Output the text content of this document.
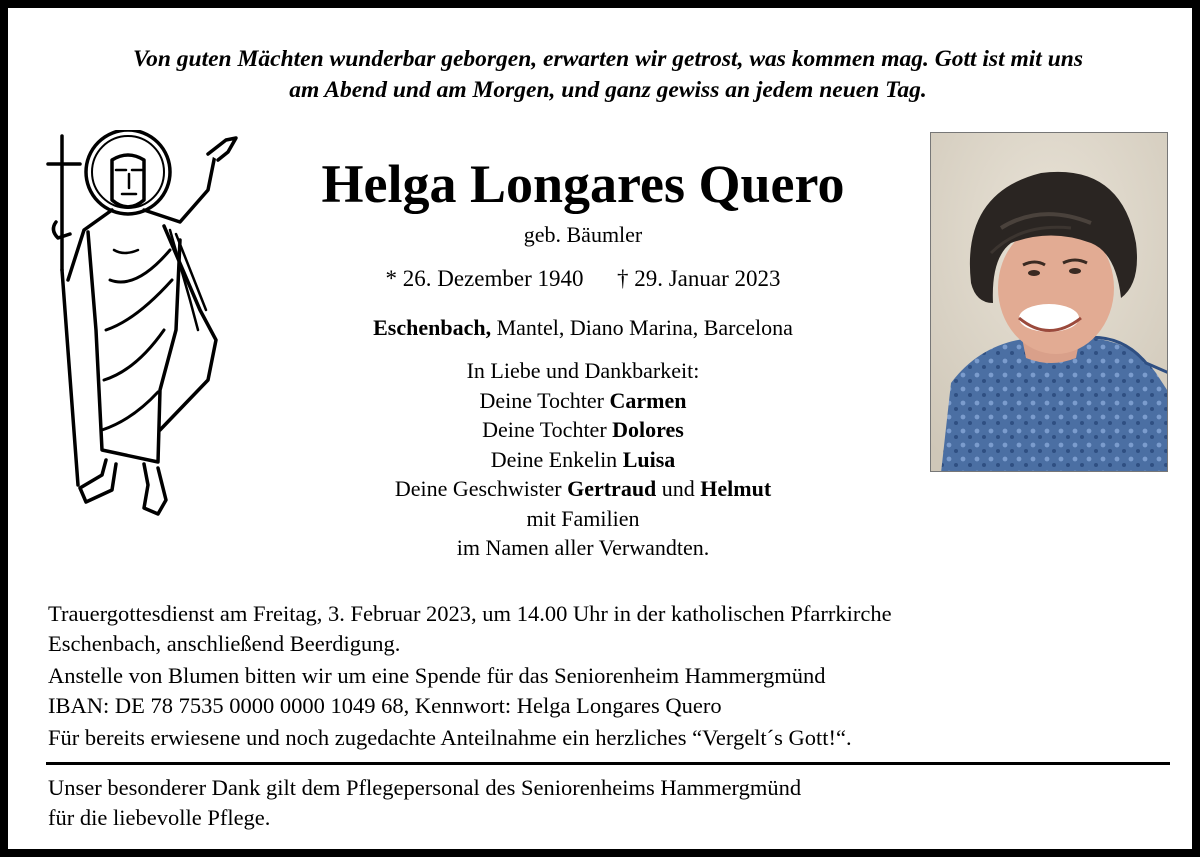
Von guten Mächten wunderbar geborgen, erwarten wir getrost, was kommen mag. Gott ist mit uns
am Abend und am Morgen, und ganz gewiss an jedem neuen Tag.
Helga Longares Quero
geb. Bäumler
* 26. Dezember 1940 † 29. Januar 2023
Eschenbach, Mantel, Diano Marina, Barcelona
In Liebe und Dankbarkeit:
Deine Tochter Carmen
Deine Tochter Dolores
Deine Enkelin Luisa
Deine Geschwister Gertraud und Helmut
mit Familien
im Namen aller Verwandten.
Trauergottesdienst am Freitag, 3. Februar 2023, um 14.00 Uhr in der katholischen Pfarrkirche
Eschenbach, anschließend Beerdigung.
Anstelle von Blumen bitten wir um eine Spende für das Seniorenheim Hammergmünd
IBAN: DE 78 7535 0000 0000 1049 68, Kennwort: Helga Longares Quero
Für bereits erwiesene und noch zugedachte Anteilnahme ein herzliches “Vergelt´s Gott!“.
Unser besonderer Dank gilt dem Pflegepersonal des Seniorenheims Hammergmünd
für die liebevolle Pflege.
